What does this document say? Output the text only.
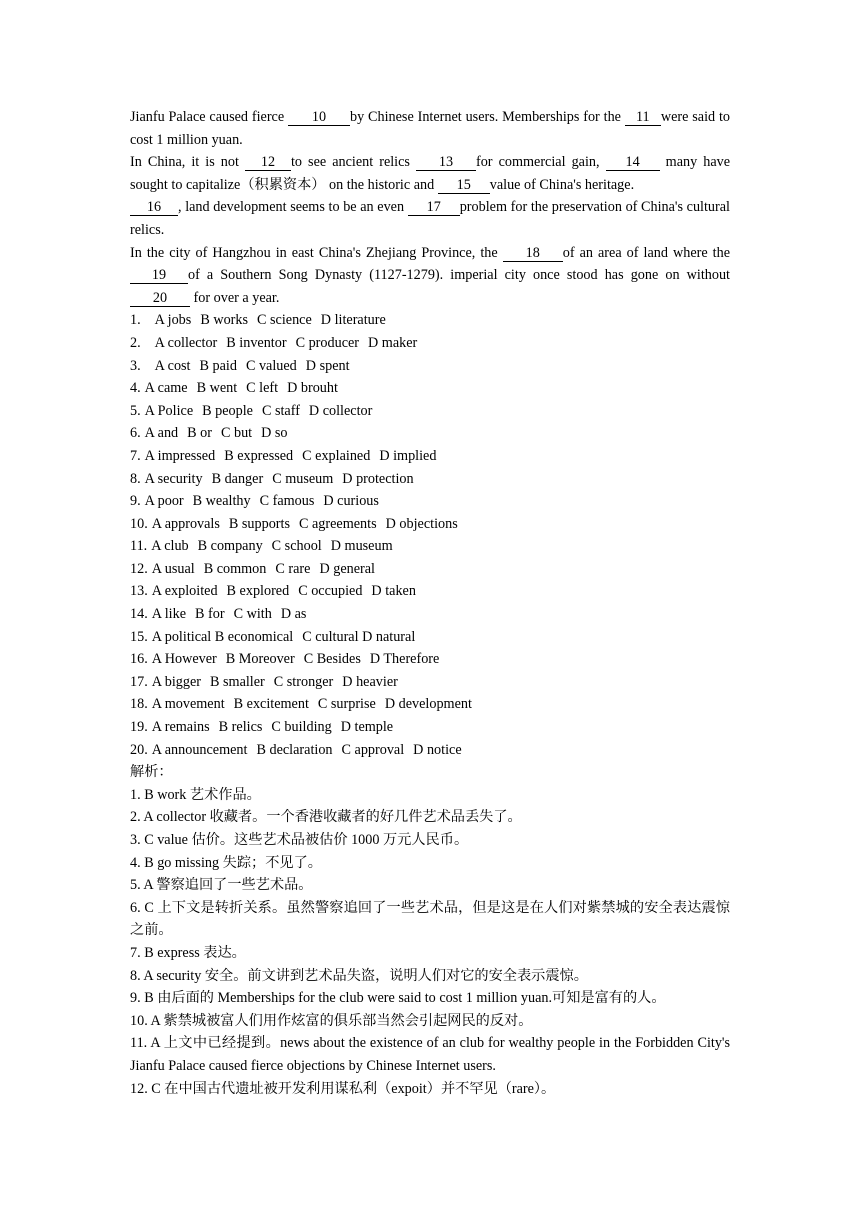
Jianfu Palace caused fierce 10 by Chinese Internet users. Memberships for the 11 were said to cost 1 million yuan.

In China, it is not 12 to see ancient relics 13 for commercial gain, 14 many have sought to capitalize（积累资本） on the historic and 15 value of China's heritage.

16 , land development seems to be an even 17 problem for the preservation of China's cultural relics.

In the city of Hangzhou in east China's Zhejiang Province, the 18 of an area of land where the 19 of a Southern Song Dynasty (1127-1279). imperial city once stood has gone on without 20 for over a year.

1. A jobs B works C science D literature

2. A collector B inventor C producer D maker

3. A cost B paid C valued D spent

4. A came B went C left D brouht

5. A Police B people C staff D collector

6. A and B or C but D so

7. A impressed B expressed C explained D implied

8. A security B danger C museum D protection

9. A poor B wealthy C famous D curious

10. A approvals B supports C agreements D objections

11. A club B company C school D museum

12. A usual B common C rare D general

13. A exploited B explored C occupied D taken

14. A like B for C with D as

15. A political B economical C cultural D natural

16. A However B Moreover C Besides D Therefore

17. A bigger B smaller C stronger D heavier

18. A movement B excitement C surprise D development

19. A remains B relics C building D temple

20. A announcement B declaration C approval D notice

解析：

1. B work 艺术作品。

2. A collector 收藏者。一个香港收藏者的好几件艺术品丢失了。

3. C value 估价。这些艺术品被估价 1000 万元人民币。

4. B go missing 失踪；不见了。

5. A 警察追回了一些艺术品。

6. C 上下文是转折关系。虽然警察追回了一些艺术品，但是这是在人们对紫禁城的安全表达震惊之前。

7. B express 表达。

8. A security 安全。前文讲到艺术品失盗，说明人们对它的安全表示震惊。

9. B 由后面的 Memberships for the club were said to cost 1 million yuan.可知是富有的人。

10. A 紫禁城被富人们用作炫富的俱乐部当然会引起网民的反对。

11. A 上文中已经提到。news about the existence of an club for wealthy people in the Forbidden City's Jianfu Palace caused fierce objections by Chinese Internet users.

12. C 在中国古代遗址被开发利用谋私利（expoit）并不罕见（rare）。
